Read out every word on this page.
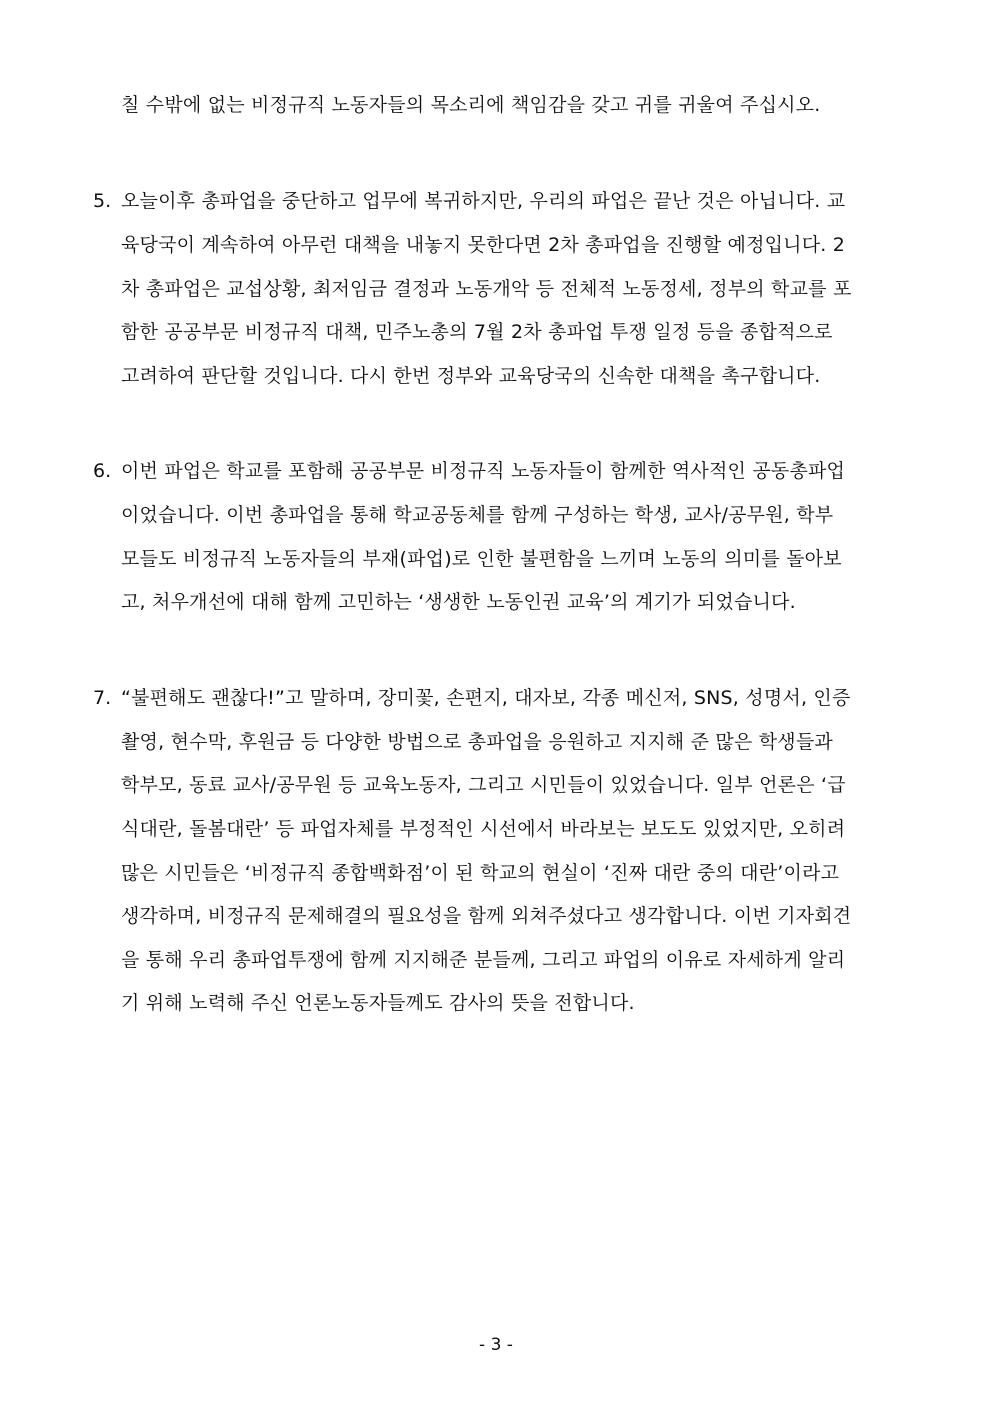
칠 수밖에 없는 비정규직 노동자들의 목소리에 책임감을 갖고 귀를 귀울여 주십시오.
5. 오늘이후 총파업을 중단하고 업무에 복귀하지만, 우리의 파업은 끝난 것은 아닙니다. 교
육당국이 계속하여 아무런 대책을 내놓지 못한다면 2차 총파업을 진행할 예정입니다. 2
차 총파업은 교섭상황, 최저임금 결정과 노동개악 등 전체적 노동정세, 정부의 학교를 포
함한 공공부문 비정규직 대책, 민주노총의 7월 2차 총파업 투쟁 일정 등을 종합적으로
고려하여 판단할 것입니다. 다시 한번 정부와 교육당국의 신속한 대책을 촉구합니다.
6. 이번 파업은 학교를 포함해 공공부문 비정규직 노동자들이 함께한 역사적인 공동총파업
이었습니다. 이번 총파업을 통해 학교공동체를 함께 구성하는 학생, 교사/공무원, 학부
모들도 비정규직 노동자들의 부재(파업)로 인한 불편함을 느끼며 노동의 의미를 돌아보
고, 처우개선에 대해 함께 고민하는 ‘생생한 노동인권 교육’의 계기가 되었습니다.
7. “불편해도 괜찮다!”고 말하며, 장미꽃, 손편지, 대자보, 각종 메신저, SNS, 성명서, 인증
촬영, 현수막, 후원금 등 다양한 방법으로 총파업을 응원하고 지지해 준 많은 학생들과
학부모, 동료 교사/공무원 등 교육노동자, 그리고 시민들이 있었습니다. 일부 언론은 ‘급
식대란, 돌봄대란’ 등 파업자체를 부정적인 시선에서 바라보는 보도도 있었지만, 오히려
많은 시민들은 ‘비정규직 종합백화점’이 된 학교의 현실이 ‘진짜 대란 중의 대란’이라고
생각하며, 비정규직 문제해결의 필요성을 함께 외쳐주셨다고 생각합니다. 이번 기자회견
을 통해 우리 총파업투쟁에 함께 지지해준 분들께, 그리고 파업의 이유로 자세하게 알리
기 위해 노력해 주신 언론노동자들께도 감사의 뜻을 전합니다.
- 3 -
